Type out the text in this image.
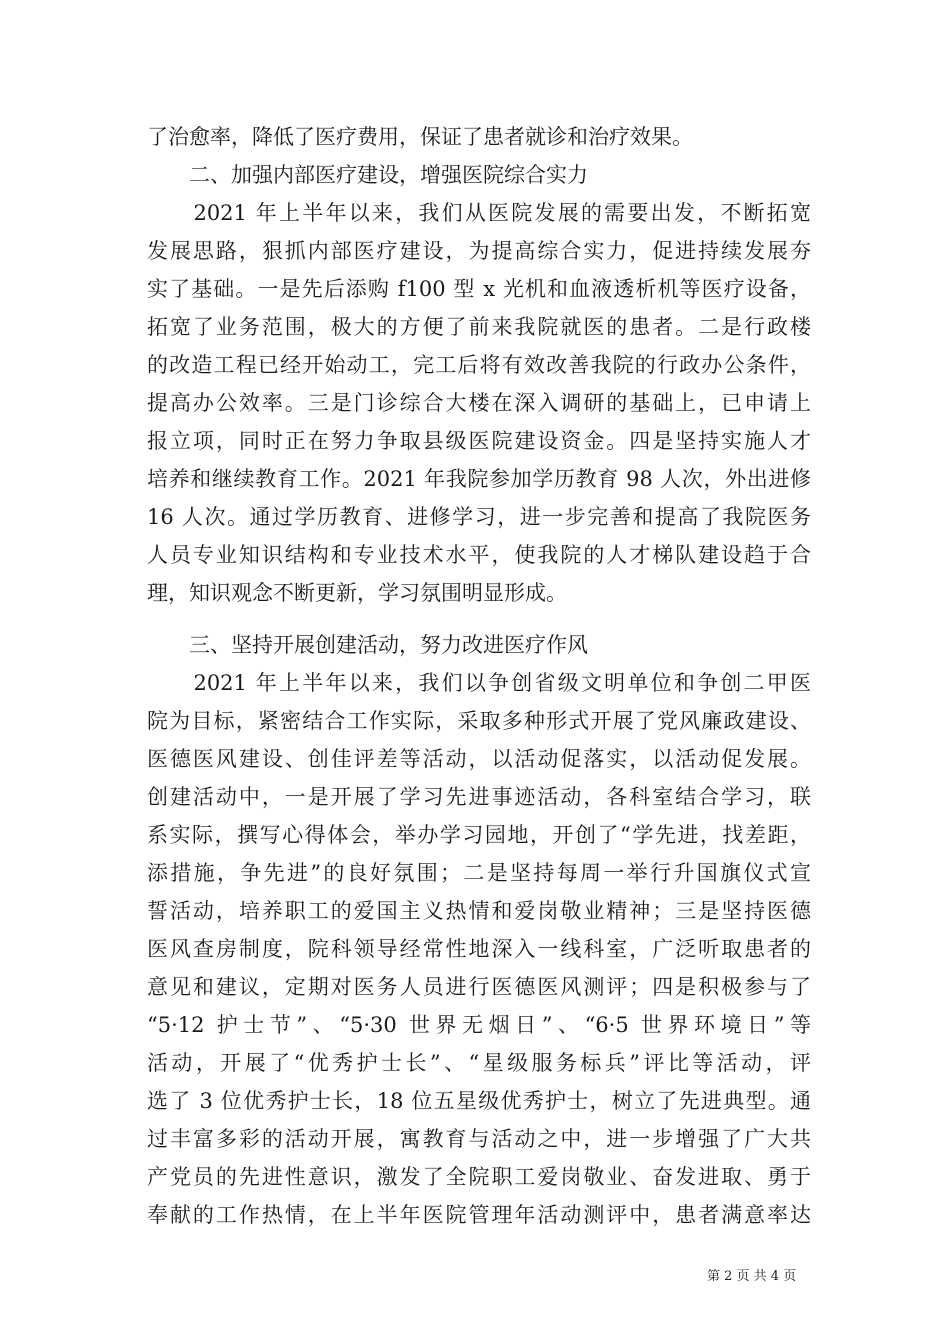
了治愈率，降低了医疗费用，保证了患者就诊和治疗效果。
　　二、加强内部医疗建设，增强医院综合实力
　　2021 年上半年以来，我们从医院发展的需要出发，不断拓宽
发展思路，狠抓内部医疗建设，为提高综合实力，促进持续发展夯
实了基础。一是先后添购 f100 型 x 光机和血液透析机等医疗设备，
拓宽了业务范围，极大的方便了前来我院就医的患者。二是行政楼
的改造工程已经开始动工，完工后将有效改善我院的行政办公条件，
提高办公效率。三是门诊综合大楼在深入调研的基础上，已申请上
报立项，同时正在努力争取县级医院建设资金。四是坚持实施人才
培养和继续教育工作。2021 年我院参加学历教育 98 人次，外出进修
16 人次。通过学历教育、进修学习，进一步完善和提高了我院医务
人员专业知识结构和专业技术水平，使我院的人才梯队建设趋于合
理，知识观念不断更新，学习氛围明显形成。
　　三、坚持开展创建活动，努力改进医疗作风
　　2021 年上半年以来，我们以争创省级文明单位和争创二甲医
院为目标，紧密结合工作实际，采取多种形式开展了党风廉政建设、
医德医风建设、创佳评差等活动，以活动促落实，以活动促发展。
创建活动中，一是开展了学习先进事迹活动，各科室结合学习，联
系实际，撰写心得体会，举办学习园地，开创了“学先进，找差距，
添措施，争先进”的良好氛围；二是坚持每周一举行升国旗仪式宣
誓活动，培养职工的爱国主义热情和爱岗敬业精神；三是坚持医德
医风查房制度，院科领导经常性地深入一线科室，广泛听取患者的
意见和建议，定期对医务人员进行医德医风测评；四是积极参与了
“5·12 护士节”、“5·30 世界无烟日”、“6·5 世界环境日”等
活动，开展了“优秀护士长”、“星级服务标兵”评比等活动，评
选了 3 位优秀护士长，18 位五星级优秀护士，树立了先进典型。通
过丰富多彩的活动开展，寓教育与活动之中，进一步增强了广大共
产党员的先进性意识，激发了全院职工爱岗敬业、奋发进取、勇于
奉献的工作热情，在上半年医院管理年活动测评中，患者满意率达
第 2 页 共 4 页
